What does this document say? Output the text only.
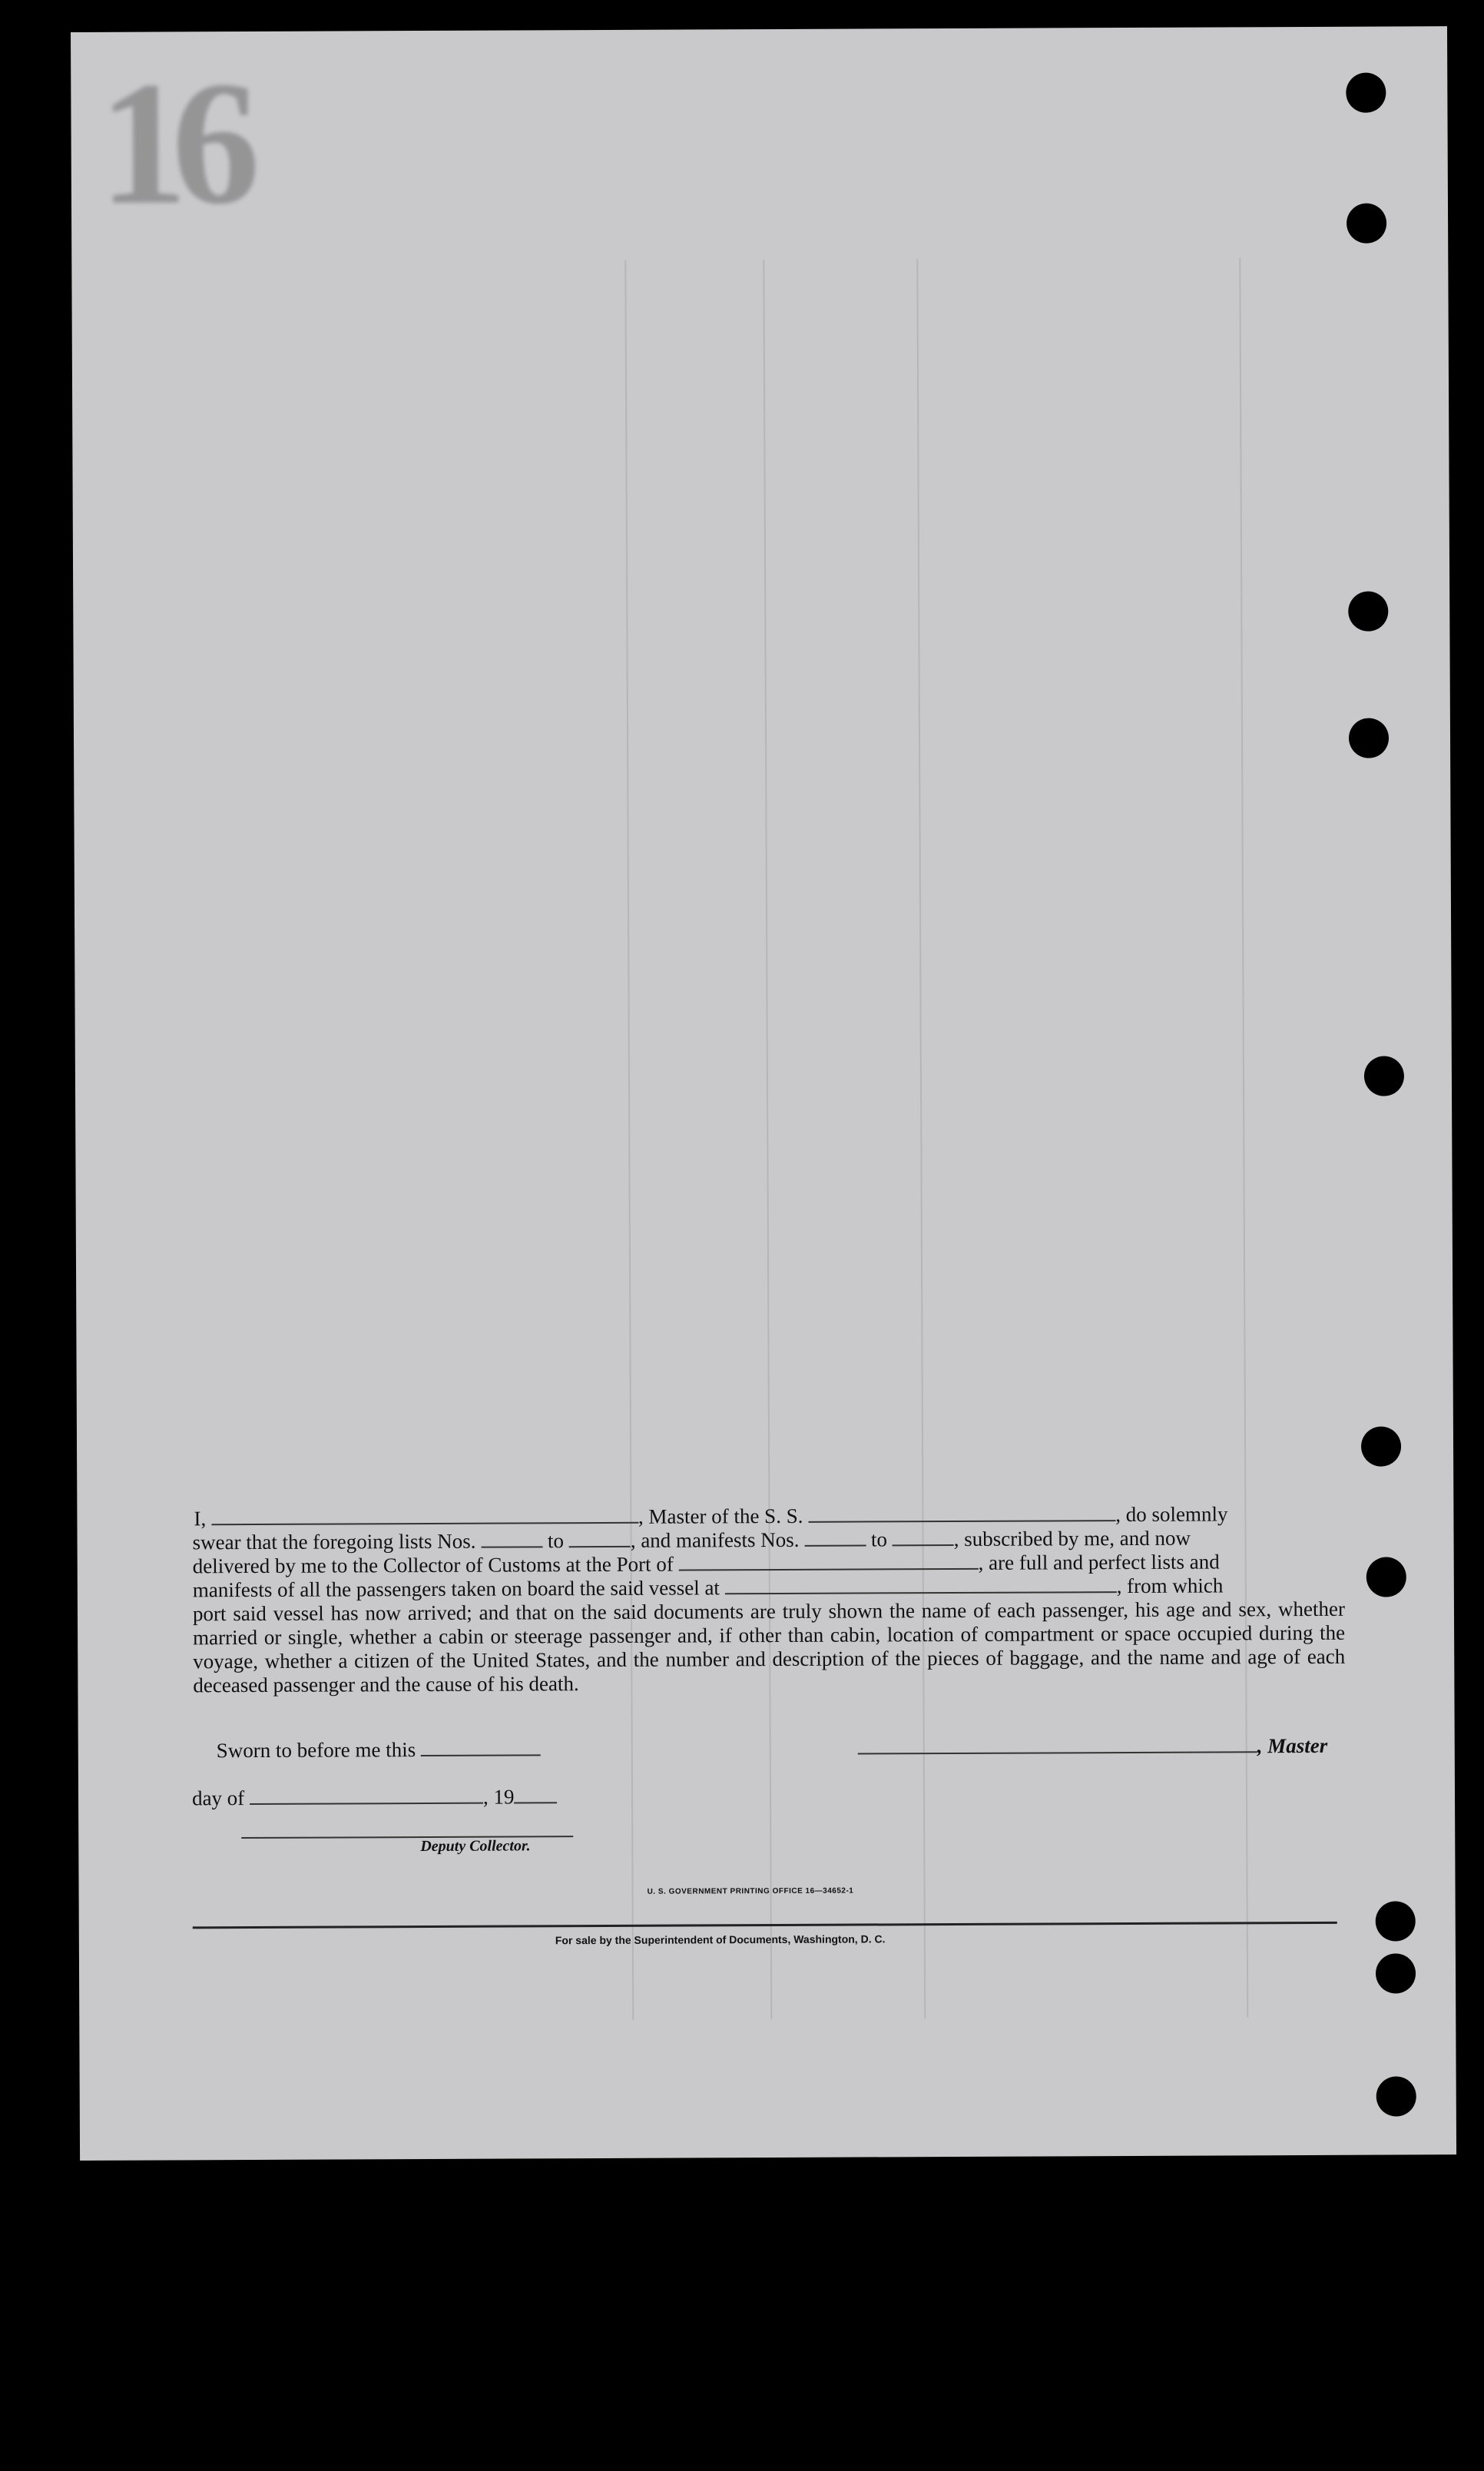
16
I,	, Master of the S. S.	, do solemnly
swear that the foregoing lists Nos.	to	, and manifests Nos.	to	, subscribed by me, and now
delivered by me to the Collector of Customs at the Port of	, are full and perfect lists and
manifests of all the passengers taken on board the said vessel at	, from which
port said vessel has now arrived; and that on the said documents are truly shown the name of each passenger, his age and sex, whether married or single, whether a cabin or steerage passenger and, if other than cabin, location of compartment or space occupied during the voyage, whether a citizen of the United States, and the number and description of the pieces of baggage, and the name and age of each deceased passenger and the cause of his death.
Sworn to before me this	, Master
day of	, 19
Deputy Collector.
U. S. GOVERNMENT PRINTING OFFICE 16—34652-1
For sale by the Superintendent of Documents, Washington, D. C.
